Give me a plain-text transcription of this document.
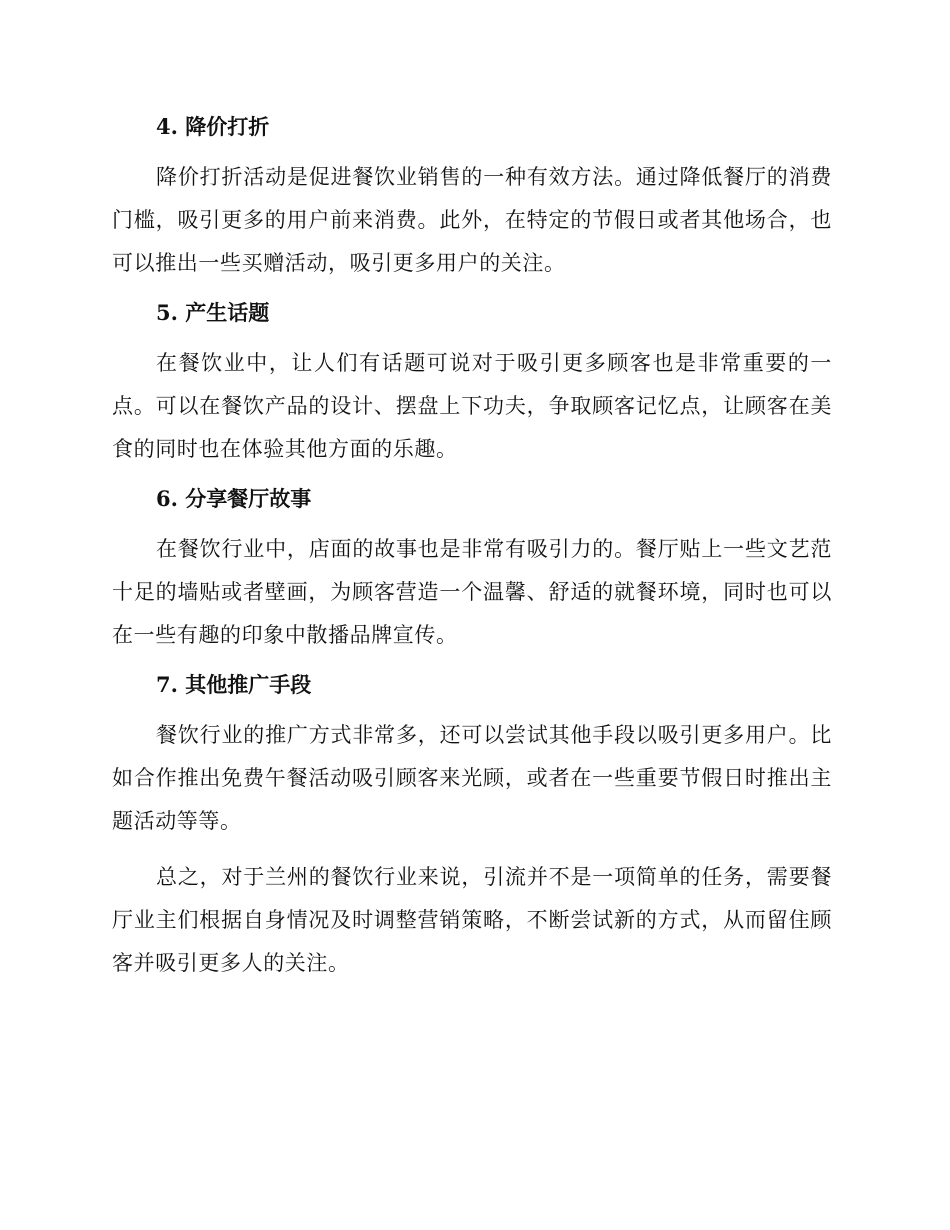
4. 降价打折

降价打折活动是促进餐饮业销售的一种有效方法。通过降低餐厅的消费门槛，吸引更多的用户前来消费。此外，在特定的节假日或者其他场合，也可以推出一些买赠活动，吸引更多用户的关注。

5. 产生话题

在餐饮业中，让人们有话题可说对于吸引更多顾客也是非常重要的一点。可以在餐饮产品的设计、摆盘上下功夫，争取顾客记忆点，让顾客在美食的同时也在体验其他方面的乐趣。

6. 分享餐厅故事

在餐饮行业中，店面的故事也是非常有吸引力的。餐厅贴上一些文艺范十足的墙贴或者壁画，为顾客营造一个温馨、舒适的就餐环境，同时也可以在一些有趣的印象中散播品牌宣传。

7. 其他推广手段

餐饮行业的推广方式非常多，还可以尝试其他手段以吸引更多用户。比如合作推出免费午餐活动吸引顾客来光顾，或者在一些重要节假日时推出主题活动等等。

总之，对于兰州的餐饮行业来说，引流并不是一项简单的任务，需要餐厅业主们根据自身情况及时调整营销策略，不断尝试新的方式，从而留住顾客并吸引更多人的关注。
